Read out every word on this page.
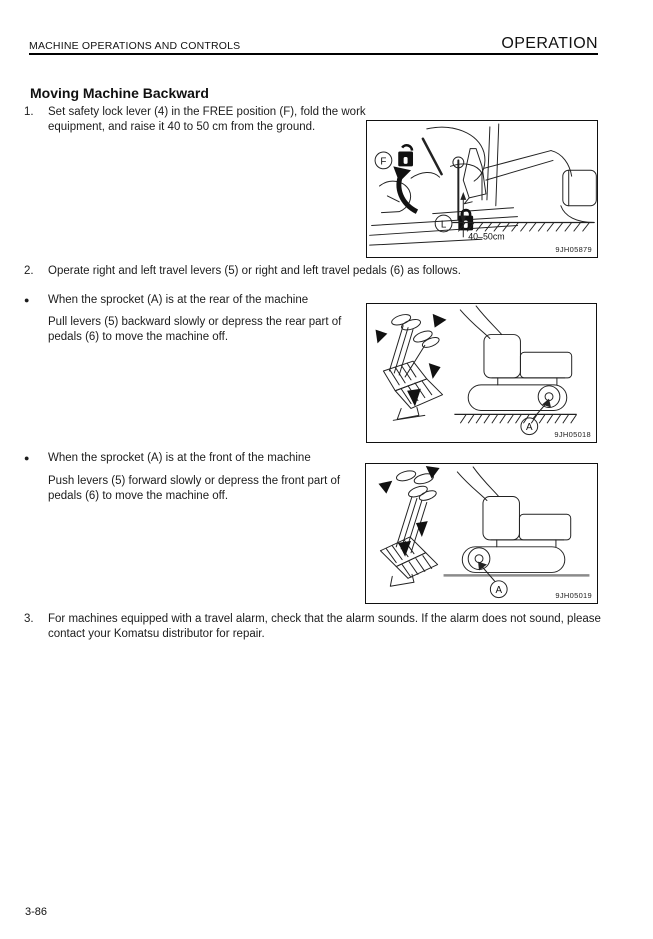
MACHINE OPERATIONS AND CONTROLS	OPERATION
Moving Machine Backward
1.	Set safety lock lever (4) in the FREE position (F), fold the work equipment, and raise it 40 to 50 cm from the ground.
F
L
40–50cm
9JH05879
2.	Operate right and left travel levers (5) or right and left travel pedals (6) as follows.
●	When the sprocket (A) is at the rear of the machine
Pull levers (5) backward slowly or depress the rear part of pedals (6) to move the machine off.
A
9JH05018
●	When the sprocket (A) is at the front of the machine
Push levers (5) forward slowly or depress the front part of pedals (6) to move the machine off.
A	9JH05019
3.	For machines equipped with a travel alarm, check that the alarm sounds. If the alarm does not sound, please contact your Komatsu distributor for repair.
3-86
